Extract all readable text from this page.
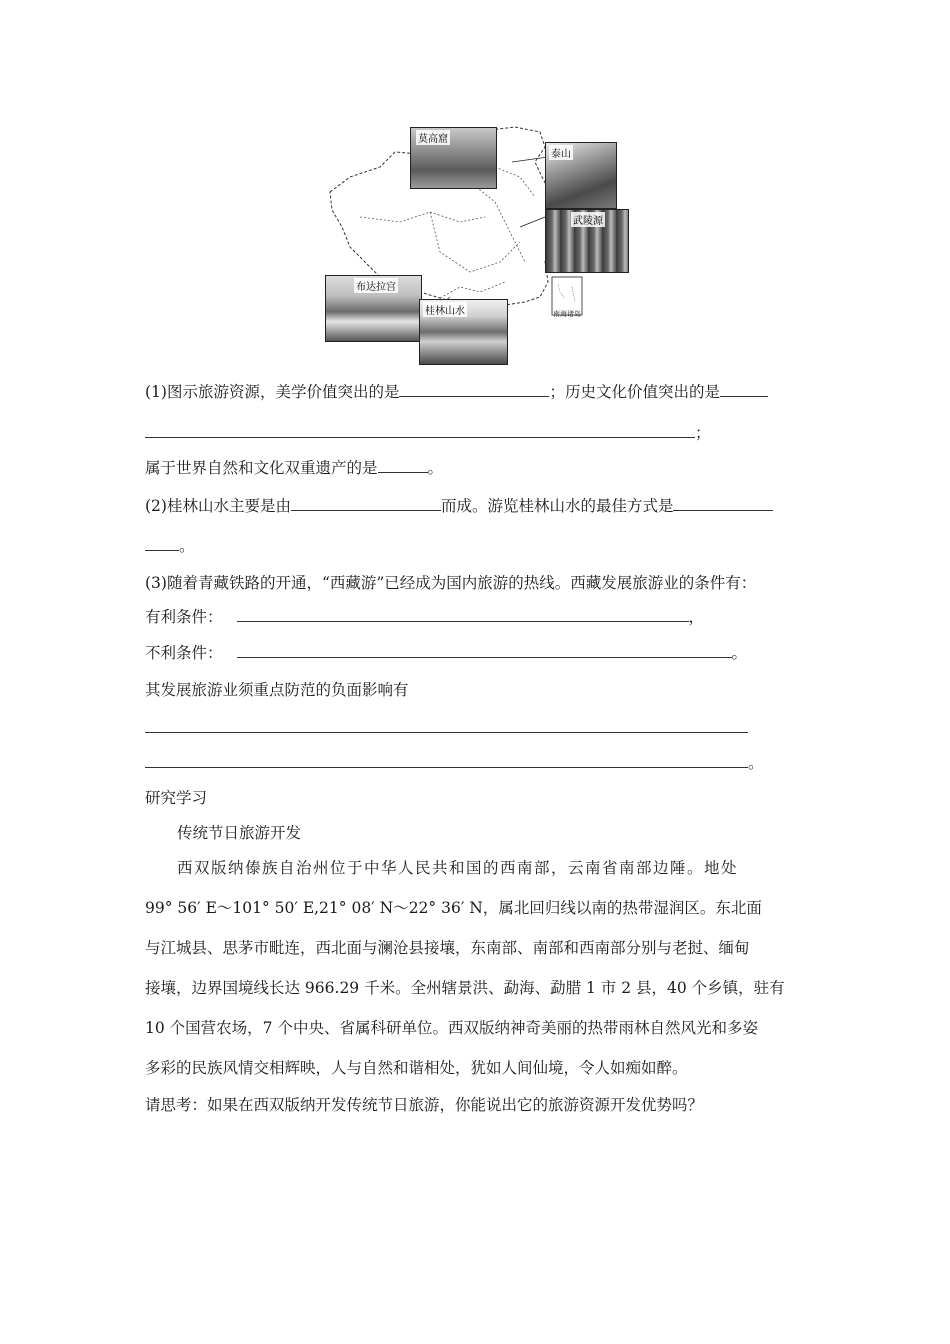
莫高窟
泰山
武陵源
布达拉宫
桂林山水	南海诸岛
(1)图示旅游资源，美学价值突出的是	；历史文化价值突出的是
；
属于世界自然和文化双重遗产的是	。
(2)桂林山水主要是由	而成。游览桂林山水的最佳方式是
。
(3)随着青藏铁路的开通，“西藏游”已经成为国内旅游的热线。西藏发展旅游业的条件有：
有利条件：	，
不利条件：	。
其发展旅游业须重点防范的负面影响有
。
研究学习
传统节日旅游开发
西双版纳傣族自治州位于中华人民共和国的西南部，云南省南部边陲。地处
99° 56′ E～101° 50′ E,21° 08′ N～22° 36′ N，属北回归线以南的热带湿润区。东北面
与江城县、思茅市毗连，西北面与澜沧县接壤，东南部、南部和西南部分别与老挝、缅甸
接壤，边界国境线长达 966.29 千米。全州辖景洪、勐海、勐腊 1 市 2 县，40 个乡镇，驻有
10 个国营农场，7 个中央、省属科研单位。西双版纳神奇美丽的热带雨林自然风光和多姿
多彩的民族风情交相辉映，人与自然和谐相处，犹如人间仙境，令人如痴如醉。
请思考：如果在西双版纳开发传统节日旅游，你能说出它的旅游资源开发优势吗？
